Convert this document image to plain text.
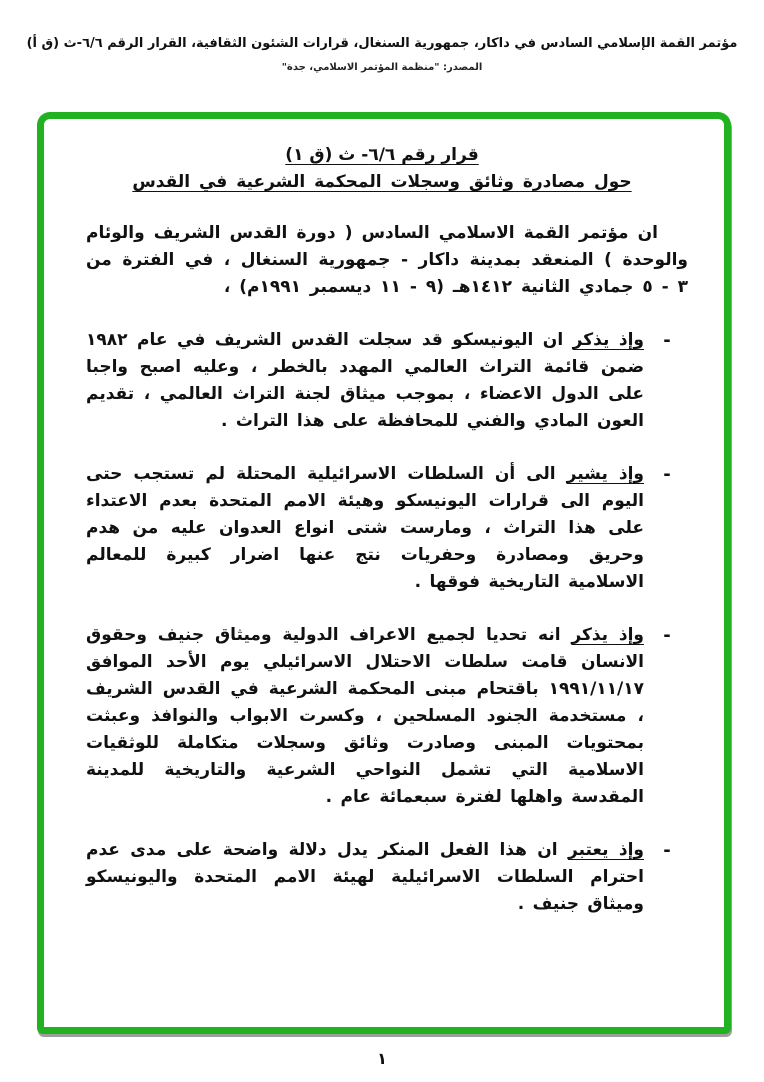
مؤتمر القمة الإسلامي السادس في داكار، جمهورية السنغال، قرارات الشئون الثقافية، القرار الرقم ٦/٦-ث (ق أ)
المصدر: "منظمة المؤتمر الاسلامي، جدة"
قرار رقم ٦/٦- ث (ق ١)
حول مصادرة وثائق وسجلات المحكمة الشرعية في القدس

ان مؤتمر القمة الاسلامي السادس ( دورة القدس الشريف والوئام والوحدة ) المنعقد بمدينة داكار - جمهورية السنغال ، في الفترة من ٣ - ٥ جمادي الثانية ١٤١٢هـ (٩ - ١١ ديسمبر ١٩٩١م) ،

-

وإذ يذكر ان اليونيسكو قد سجلت القدس الشريف في عام ١٩٨٢ ضمن قائمة التراث العالمي المهدد بالخطر ، وعليه اصبح واجبا على الدول الاعضاء ، بموجب ميثاق لجنة التراث العالمي ، تقديم العون المادي والفني للمحافظة على هذا التراث .

-

وإذ يشير الى أن السلطات الاسرائيلية المحتلة لم تستجب حتى اليوم الى قرارات اليونيسكو وهيئة الامم المتحدة بعدم الاعتداء على هذا التراث ، ومارست شتى انواع العدوان عليه من هدم وحريق ومصادرة وحفريات نتج عنها اضرار كبيرة للمعالم الاسلامية التاريخية فوقها .

-

وإذ يذكر انه تحديا لجميع الاعراف الدولية وميثاق جنيف وحقوق الانسان قامت سلطات الاحتلال الاسرائيلي يوم الأحد الموافق ١٩٩١/١١/١٧ باقتحام مبنى المحكمة الشرعية في القدس الشريف ، مستخدمة الجنود المسلحين ، وكسرت الابواب والنوافذ وعبثت بمحتويات المبنى وصادرت وثائق وسجلات متكاملة للوثقيات الاسلامية التي تشمل النواحي الشرعية والتاريخية للمدينة المقدسة واهلها لفترة سبعمائة عام .

-

وإذ يعتبر ان هذا الفعل المنكر يدل دلالة واضحة على مدى عدم احترام السلطات الاسرائيلية لهيئة الامم المتحدة واليونيسكو وميثاق جنيف .

١
